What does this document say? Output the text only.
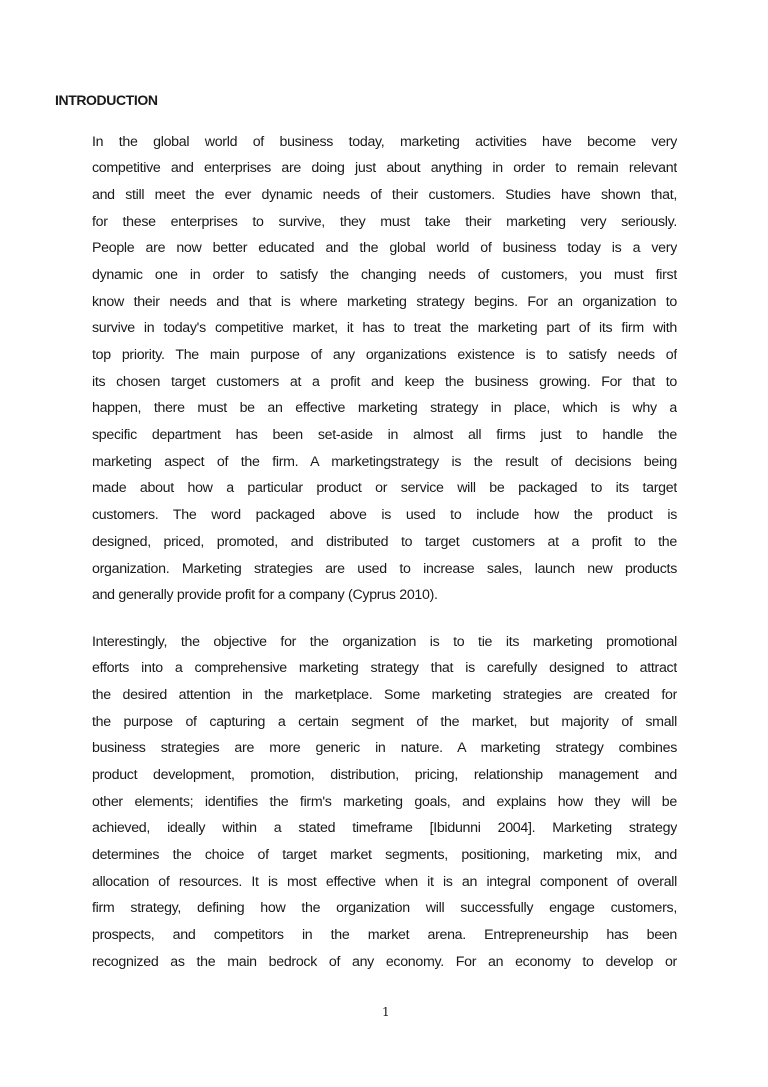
INTRODUCTION
In the global world of business today, marketing activities have become very
competitive and enterprises are doing just about anything in order to remain relevant
and still meet the ever dynamic needs of their customers. Studies have shown that,
for these enterprises to survive, they must take their marketing very seriously.
People are now better educated and the global world of business today is a very
dynamic one in order to satisfy the changing needs of customers, you must first
know their needs and that is where marketing strategy begins. For an organization to
survive in today's competitive market, it has to treat the marketing part of its firm with
top priority. The main purpose of any organizations existence is to satisfy needs of
its chosen target customers at a profit and keep the business growing. For that to
happen, there must be an effective marketing strategy in place, which is why a
specific department has been set-aside in almost all firms just to handle the
marketing aspect of the firm. A marketingstrategy is the result of decisions being
made about how a particular product or service will be packaged to its target
customers. The word packaged above is used to include how the product is
designed, priced, promoted, and distributed to target customers at a profit to the
organization. Marketing strategies are used to increase sales, launch new products
and generally provide profit for a company (Cyprus 2010).
Interestingly, the objective for the organization is to tie its marketing promotional
efforts into a comprehensive marketing strategy that is carefully designed to attract
the desired attention in the marketplace. Some marketing strategies are created for
the purpose of capturing a certain segment of the market, but majority of small
business strategies are more generic in nature. A marketing strategy combines
product development, promotion, distribution, pricing, relationship management and
other elements; identifies the firm's marketing goals, and explains how they will be
achieved, ideally within a stated timeframe [Ibidunni 2004]. Marketing strategy
determines the choice of target market segments, positioning, marketing mix, and
allocation of resources. It is most effective when it is an integral component of overall
firm strategy, defining how the organization will successfully engage customers,
prospects, and competitors in the market arena. Entrepreneurship has been
recognized as the main bedrock of any economy. For an economy to develop or
1
